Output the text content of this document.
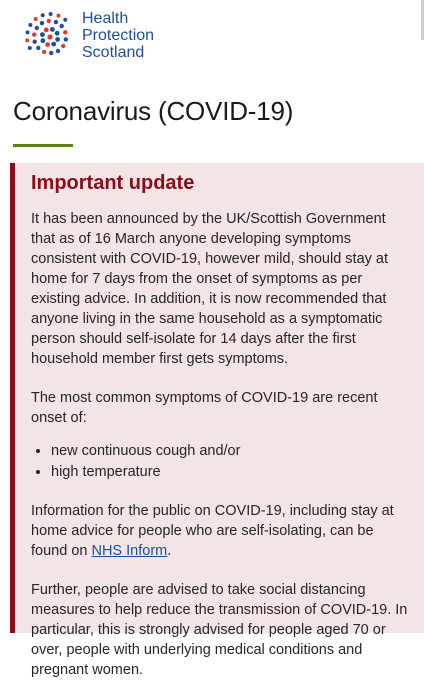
Health
Protection
Scotland
Coronavirus (COVID-19)
Important update

It has been announced by the UK/Scottish Government that as of 16 March anyone developing symptoms consistent with COVID-19, however mild, should stay at home for 7 days from the onset of symptoms as per existing advice. In addition, it is now recommended that anyone living in the same household as a symptomatic person should self-isolate for 14 days after the first household member first gets symptoms.

The most common symptoms of COVID-19 are recent onset of:

• new continuous cough and/or
• high temperature

Information for the public on COVID-19, including stay at home advice for people who are self-isolating, can be found on NHS Inform.

Further, people are advised to take social distancing measures to help reduce the transmission of COVID-19. In particular, this is strongly advised for people aged 70 or over, people with underlying medical conditions and pregnant women.
